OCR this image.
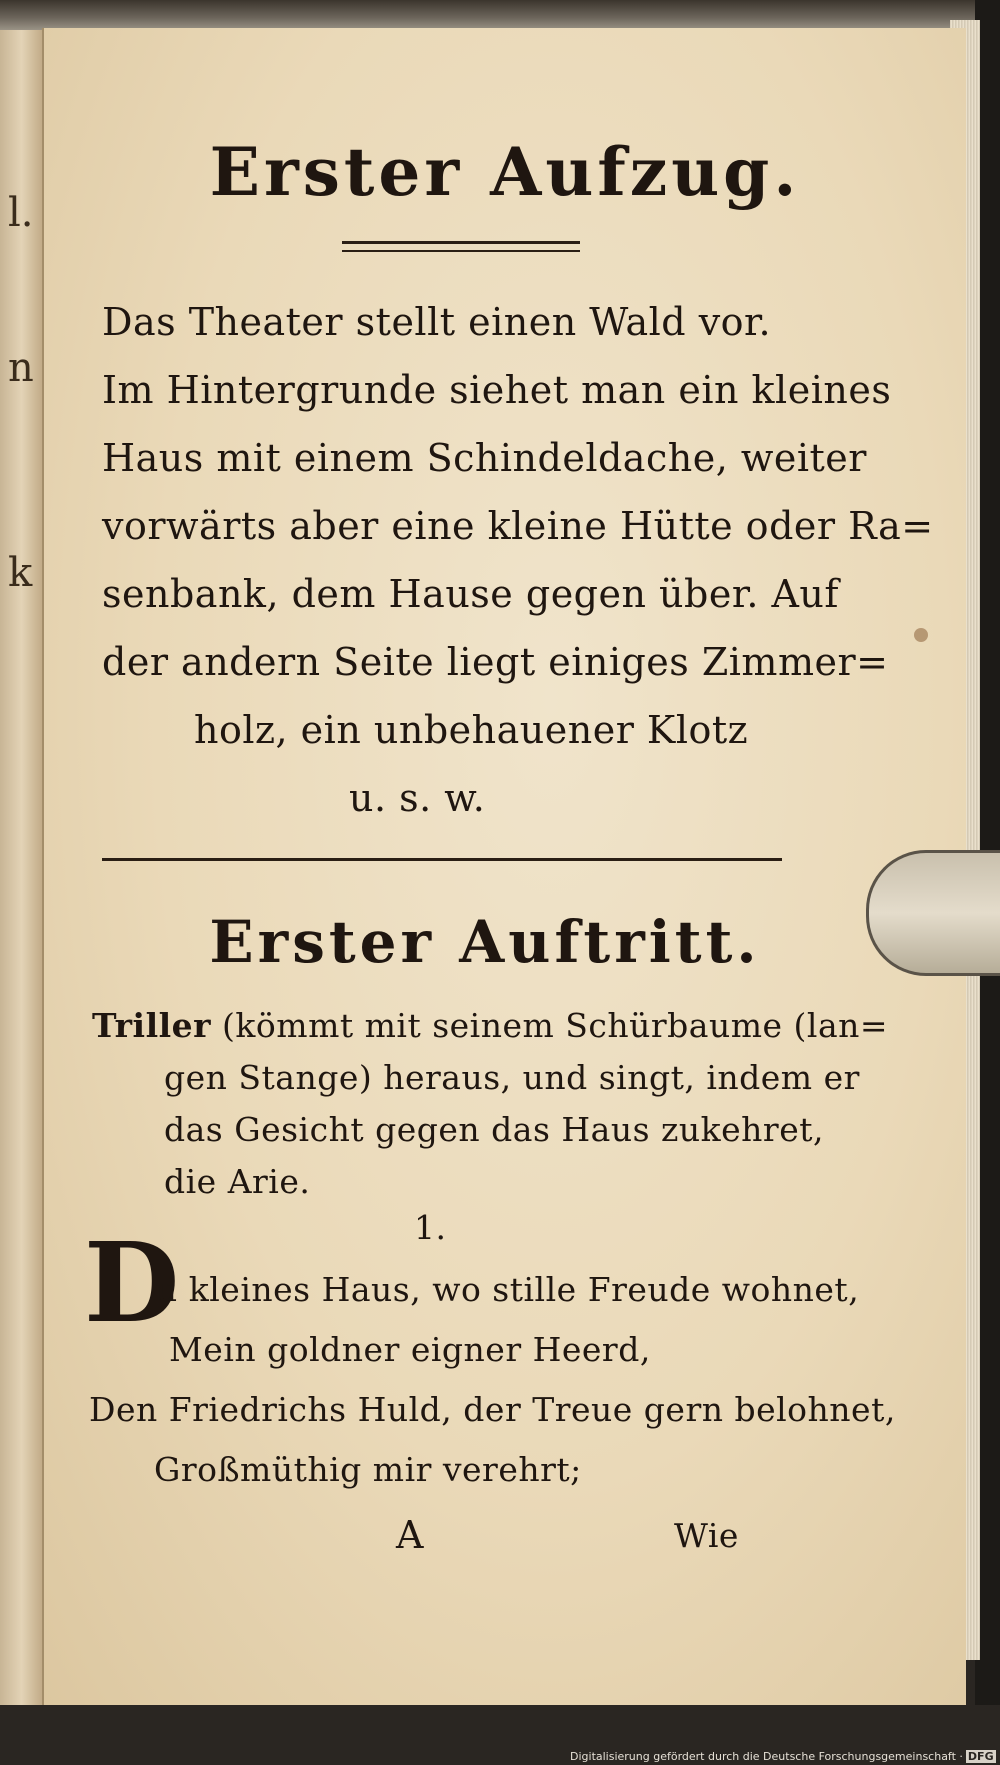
l.
n
k
Erster Aufzug.
Das Theater stellt einen Wald vor.
Im Hintergrunde siehet man ein kleines
Haus mit einem Schindeldache, weiter
vorwärts aber eine kleine Hütte oder Ra=
senbank, dem Hause gegen über. Auf
der andern Seite liegt einiges Zimmer=
holz, ein unbehauener Klotz
u. s. w.
Erster Auftritt.
Triller (kömmt mit seinem Schürbaume (lan=
gen Stange) heraus, und singt, indem er
das Gesicht gegen das Haus zukehret,
die Arie.
1.
D
u kleines Haus, wo stille Freude wohnet,
Mein goldner eigner Heerd,
Den Friedrichs Huld, der Treue gern belohnet,
Großmüthig mir verehrt;
A	Wie
Digitalisierung gefördert durch die Deutsche Forschungsgemeinschaft · DFG
